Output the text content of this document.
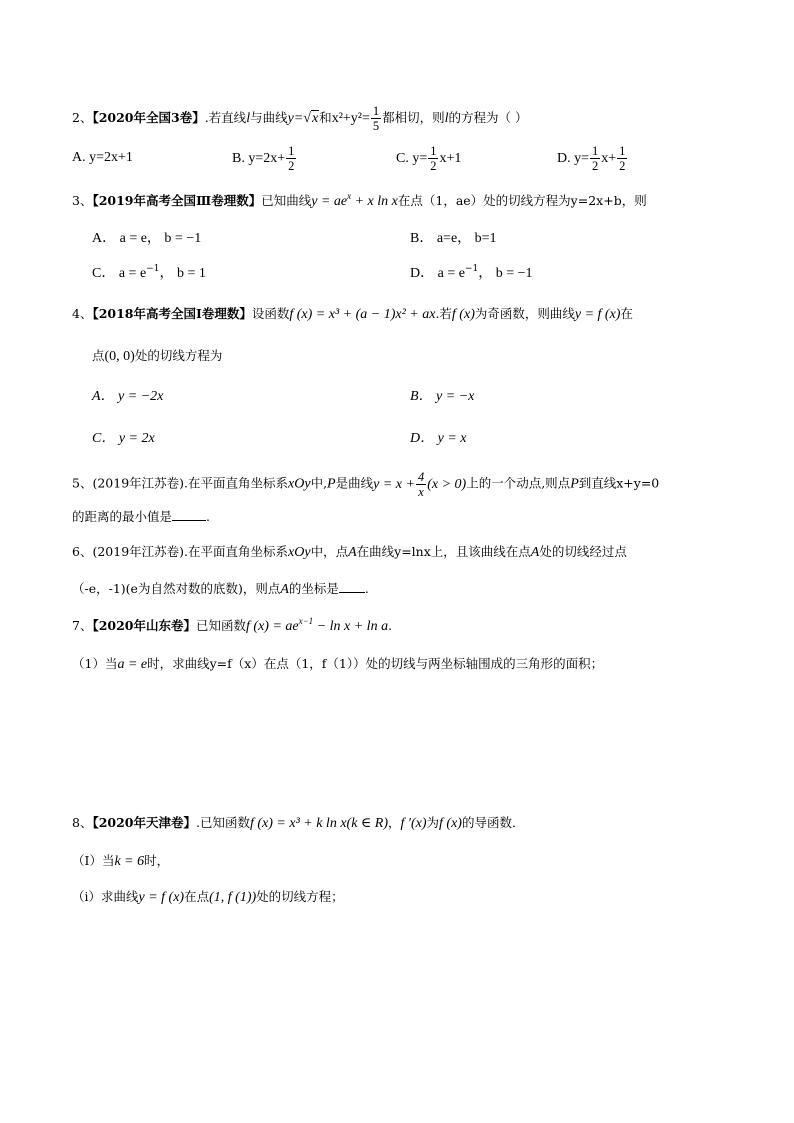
2、【2020年全国3卷】.若直线l与曲线y=√x和$x^2+y^2= \frac{1}{5}$ 都相切，则l的方程为（ ）
A. y=2x+1	B. $y=2x+ \frac{1}{2}$	C. $y= \frac{1}{2} x+1$	D. $y= \frac{1}{2} x+ \frac{1}{2}$
3、【2019年高考全国Ⅲ卷理数】已知曲线$y = ae^x + x$ ln x在点（1，ae）处的切线方程为y=2x+b，则
A． a = e， b = −1	B． a=e， b=1
C． $a = e^{-1}$， b = 1	D． $a = e^{-1}$， b = −1
4、【2018年高考全国Ⅰ卷理数】设函数f (x) = x³ + (a − 1)x² + ax.若f (x)为奇函数，则曲线y = f (x)在
点(0, 0)处的切线方程为
A． y = −2x	B． y = −x
C． y = 2x	D． y = x
5、(2019年江苏卷).在平面直角坐标系xOy中,P是曲线$y = x + \frac{4}{x} (x > 0)$上的一个动点,则点P到直线x+y=0
的距离的最小值是	.
6、(2019年江苏卷).在平面直角坐标系xOy中，点A在曲线y=lnx上，且该曲线在点A处的切线经过点
（-e，-1)(e为自然对数的底数)，则点A的坐标是 .
7、【2020年山东卷】已知函数f $(x) = ae^{x-1} - \ln x + \ln a$.
（1）当a = e时，求曲线y=f（x）在点（1，f（1））处的切线与两坐标轴围成的三角形的面积；
8、【2020年天津卷】.已知函数f (x) = x³ + k ln x(k ∈ R)，f ′(x)为f (x)的导函数．
（Ⅰ）当k = 6时，
（i）求曲线y = f (x)在点(1, f (1))处的切线方程；
